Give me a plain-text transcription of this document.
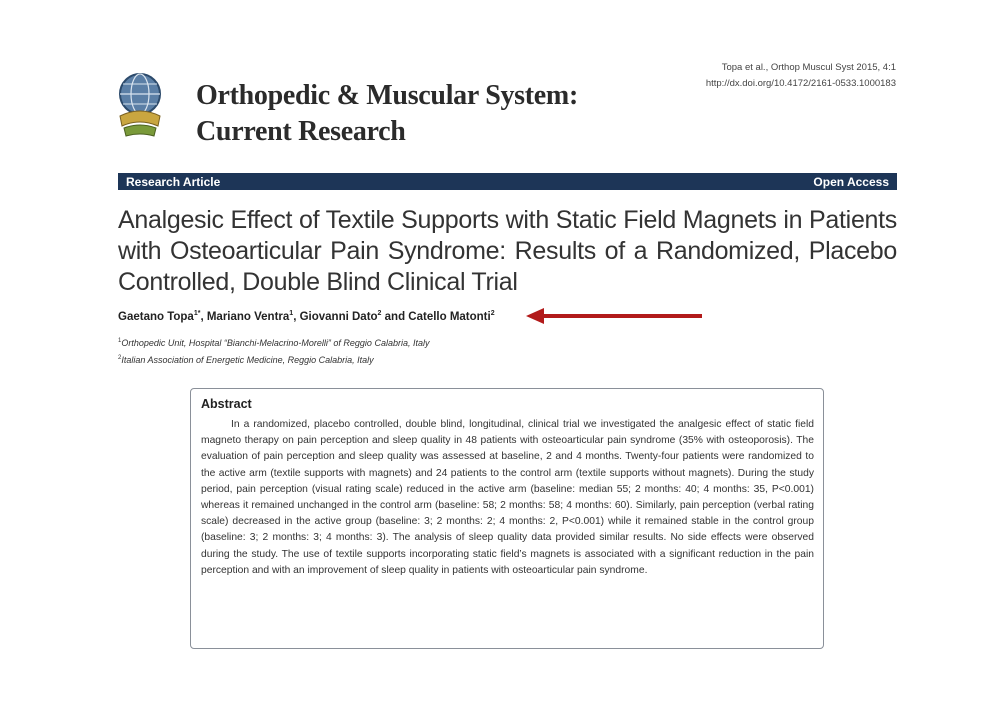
Orthopedic & Muscular System:
Current Research
Topa et al., Orthop Muscul Syst 2015, 4:1
http://dx.doi.org/10.4172/2161-0533.1000183
Research Article	Open Access
Analgesic Effect of Textile Supports with Static Field Magnets in Patients with Osteoarticular Pain Syndrome: Results of a Randomized, Placebo Controlled, Double Blind Clinical Trial
Gaetano Topa$^{1*}$, Mariano Ventra$^1$, Giovanni Dato$^2$ and Catello Matonti$^2$
$^1$Orthopedic Unit, Hospital “Bianchi-Melacrino-Morelli” of Reggio Calabria, Italy
$^2$Italian Association of Energetic Medicine, Reggio Calabria, Italy
Abstract

In a randomized, placebo controlled, double blind, longitudinal, clinical trial we investigated the analgesic effect of static field magneto therapy on pain perception and sleep quality in 48 patients with osteoarticular pain syndrome (35% with osteoporosis). The evaluation of pain perception and sleep quality was assessed at baseline, 2 and 4 months. Twenty-four patients were randomized to the active arm (textile supports with magnets) and 24 patients to the control arm (textile supports without magnets). During the study period, pain perception (visual rating scale) reduced in the active arm (baseline: median 55; 2 months: 40; 4 months: 35, P<0.001) whereas it remained unchanged in the control arm (baseline: 58; 2 months: 58; 4 months: 60). Similarly, pain perception (verbal rating scale) decreased in the active group (baseline: 3; 2 months: 2; 4 months: 2, P<0.001) while it remained stable in the control group (baseline: 3; 2 months: 3; 4 months: 3). The analysis of sleep quality data provided similar results. No side effects were observed during the study. The use of textile supports incorporating static field’s magnets is associated with a significant reduction in the pain perception and with an improvement of sleep quality in patients with osteoarticular pain syndrome.
